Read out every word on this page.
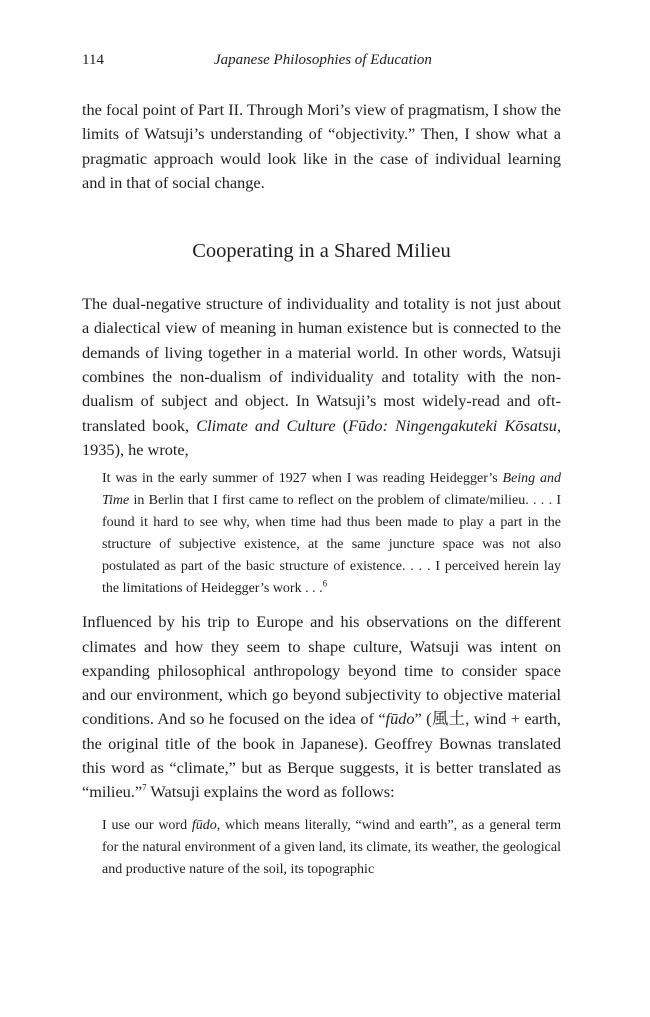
114	Japanese Philosophies of Education

the focal point of Part II. Through Mori’s view of pragmatism, I show the limits of Watsuji’s understanding of “objectivity.” Then, I show what a pragmatic approach would look like in the case of individual learning and in that of social change.

Cooperating in a Shared Milieu

The dual-negative structure of individuality and totality is not just about a dialectical view of meaning in human existence but is connected to the demands of living together in a material world. In other words, Watsuji combines the non-dualism of individuality and totality with the non-dualism of subject and object. In Watsuji’s most widely-read and oft-translated book, Climate and Culture (Fūdo: Ningengakuteki Kōsatsu, 1935), he wrote,

It was in the early summer of 1927 when I was reading Heidegger’s Being and Time in Berlin that I first came to reflect on the problem of climate/milieu. . . . I found it hard to see why, when time had thus been made to play a part in the structure of subjective existence, at the same juncture space was not also postulated as part of the basic structure of existence. . . . I perceived herein lay the limitations of Heidegger’s work . . .$^6$

Influenced by his trip to Europe and his observations on the different climates and how they seem to shape culture, Watsuji was intent on expanding philosophical anthropology beyond time to consider space and our environment, which go beyond subjectivity to objective material conditions. And so he focused on the idea of “fūdo” (風土, wind + earth, the original title of the book in Japanese). Geoffrey Bownas translated this word as “climate,” but as Berque suggests, it is better translated as “milieu.”$^7$ Watsuji explains the word as follows:

I use our word fūdo, which means literally, “wind and earth”, as a general term for the natural environment of a given land, its climate, its weather, the geological and productive nature of the soil, its topographic
